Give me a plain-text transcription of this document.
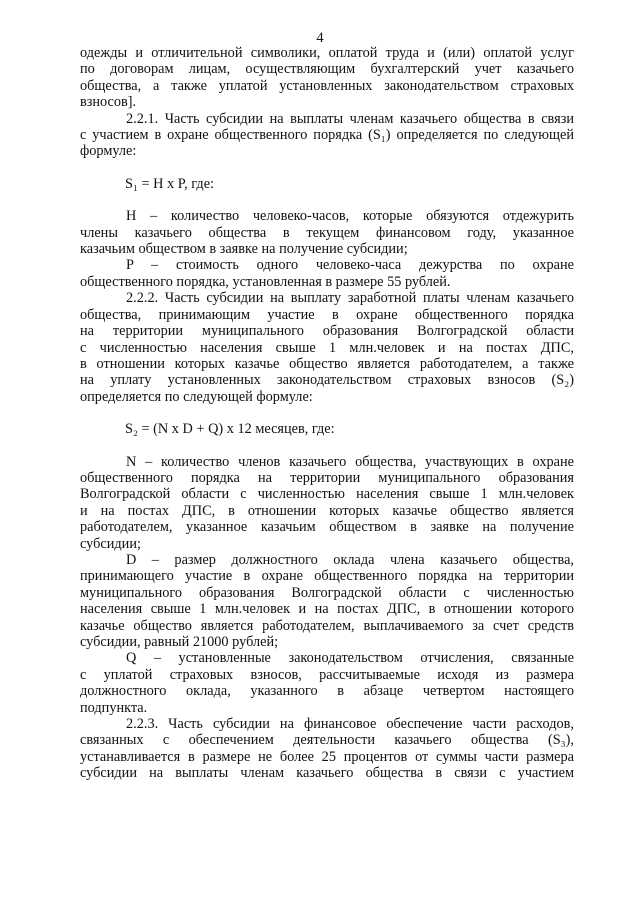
4

одежды и отличительной символики, оплатой труда и (или) оплатой услуг
по договорам лицам, осуществляющим бухгалтерский учет казачьего
общества, а также уплатой установленных законодательством страховых

взносов].

2.2.1. Часть субсидии на выплаты членам казачьего общества в связи
с участием в охране общественного порядка (S₁) определяется по следующей

формуле:

S₁ = H x P, где:

H – количество человеко-часов, которые обязуются отдежурить
члены казачьего общества в текущем финансовом году, указанное

казачьим обществом в заявке на получение субсидии;

P – стоимость одного человеко-часа дежурства по охране

общественного порядка, установленная в размере 55 рублей.

2.2.2. Часть субсидии на выплату заработной платы членам казачьего
общества, принимающим участие в охране общественного порядка
на территории муниципального образования Волгоградской области
с численностью населения свыше 1 млн.человек и на постах ДПС,
в отношении которых казачье общество является работодателем, а также
на уплату установленных законодательством страховых взносов (S₂)

определяется по следующей формуле:

S₂ = (N x D + Q) x 12 месяцев, где:

N – количество членов казачьего общества, участвующих в охране
общественного порядка на территории муниципального образования
Волгоградской области с численностью населения свыше 1 млн.человек
и на постах ДПС, в отношении которых казачье общество является
работодателем, указанное казачьим обществом в заявке на получение

субсидии;

D – размер должностного оклада члена казачьего общества,
принимающего участие в охране общественного порядка на территории
муниципального образования Волгоградской области с численностью
населения свыше 1 млн.человек и на постах ДПС, в отношении которого
казачье общество является работодателем, выплачиваемого за счет средств

субсидии, равный 21000 рублей;

Q – установленные законодательством отчисления, связанные
с уплатой страховых взносов, рассчитываемые исходя из размера
должностного оклада, указанного в абзаце четвертом настоящего

подпункта.

2.2.3. Часть субсидии на финансовое обеспечение части расходов,
связанных с обеспечением деятельности казачьего общества (S₃),
устанавливается в размере не более 25 процентов от суммы части размера
субсидии на выплаты членам казачьего общества в связи с участием
